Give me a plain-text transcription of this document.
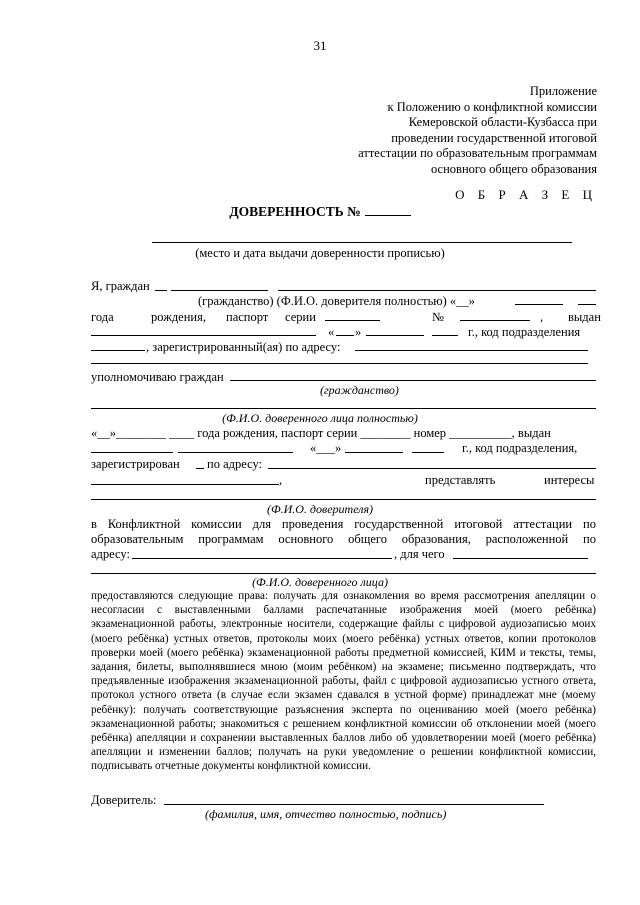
31
Приложение
к Положению о конфликтной комиссии
Кемеровской области-Кузбасса при
проведении государственной итоговой
аттестации по образовательным программам
основного общего образования
О Б Р А З Е Ц
ДОВЕРЕННОСТЬ №
(место и дата выдачи доверенности прописью)
Я, граждан
(гражданство) (Ф.И.О. доверителя полностью) «__»
года	рождения, паспорт серии	№	, выдан
« »	г., код подразделения
, зарегистрированный(ая) по адресу:
уполномочиваю граждан
(гражданство)
(Ф.И.О. доверенного лица полностью)
«__»________ ____ года рождения, паспорт серии ________ номер __________, выдан
«___»	г., код подразделения,
зарегистрирован по адресу:
,	представлять	интересы
(Ф.И.О. доверителя)
в Конфликтной комиссии для проведения государственной итоговой аттестации по
образовательным программам основного общего образования, расположенной по
адресу:	, для чего
(Ф.И.О. доверенного лица)
предоставляются следующие права: получать для ознакомления во время рассмотрения апелляции о несогласии с выставленными баллами распечатанные изображения моей (моего ребёнка) экзаменационной работы, электронные носители, содержащие файлы с цифровой аудиозаписью моих (моего ребёнка) устных ответов, протоколы моих (моего ребёнка) устных ответов, копии протоколов проверки моей (моего ребёнка) экзаменационной работы предметной комиссией, КИМ и тексты, темы, задания, билеты, выполнявшиеся мною (моим ребёнком) на экзамене; письменно подтверждать, что предъявленные изображения экзаменационной работы, файл с цифровой аудиозаписью устного ответа, протокол устного ответа (в случае если экзамен сдавался в устной форме) принадлежат мне (моему ребёнку): получать соответствующие разъяснения эксперта по оцениванию моей (моего ребёнка) экзаменационной работы; знакомиться с решением конфликтной комиссии об отклонении моей (моего ребёнка) апелляции и сохранении выставленных баллов либо об удовлетворении моей (моего ребёнка) апелляции и изменении баллов; получать на руки уведомление о решении конфликтной комиссии, подписывать отчетные документы конфликтной комиссии.
Доверитель:
(фамилия, имя, отчество полностью, подпись)
